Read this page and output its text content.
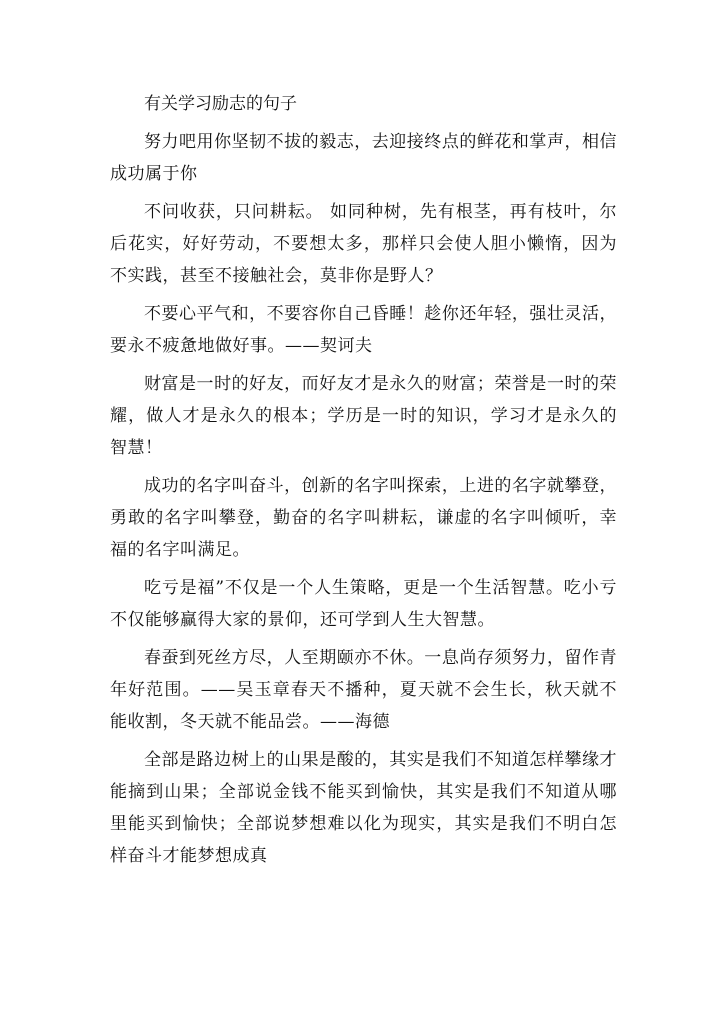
有关学习励志的句子

努力吧用你坚韧不拔的毅志，去迎接终点的鲜花和掌声，相信成功属于你

不问收获，只问耕耘。 如同种树，先有根茎，再有枝叶，尔后花实，好好劳动，不要想太多，那样只会使人胆小懒惰，因为不实践，甚至不接触社会，莫非你是野人？

不要心平气和，不要容你自己昏睡！趁你还年轻，强壮灵活，要永不疲惫地做好事。——契诃夫

财富是一时的好友，而好友才是永久的财富；荣誉是一时的荣耀，做人才是永久的根本；学历是一时的知识，学习才是永久的智慧！

成功的名字叫奋斗，创新的名字叫探索，上进的名字就攀登，勇敢的名字叫攀登，勤奋的名字叫耕耘，谦虚的名字叫倾听，幸福的名字叫满足。

吃亏是福”不仅是一个人生策略，更是一个生活智慧。吃小亏不仅能够赢得大家的景仰，还可学到人生大智慧。

春蚕到死丝方尽，人至期颐亦不休。一息尚存须努力，留作青年好范围。——吴玉章春天不播种，夏天就不会生长，秋天就不能收割，冬天就不能品尝。——海德

全部是路边树上的山果是酸的，其实是我们不知道怎样攀缘才能摘到山果；全部说金钱不能买到愉快，其实是我们不知道从哪里能买到愉快；全部说梦想难以化为现实，其实是我们不明白怎样奋斗才能梦想成真
